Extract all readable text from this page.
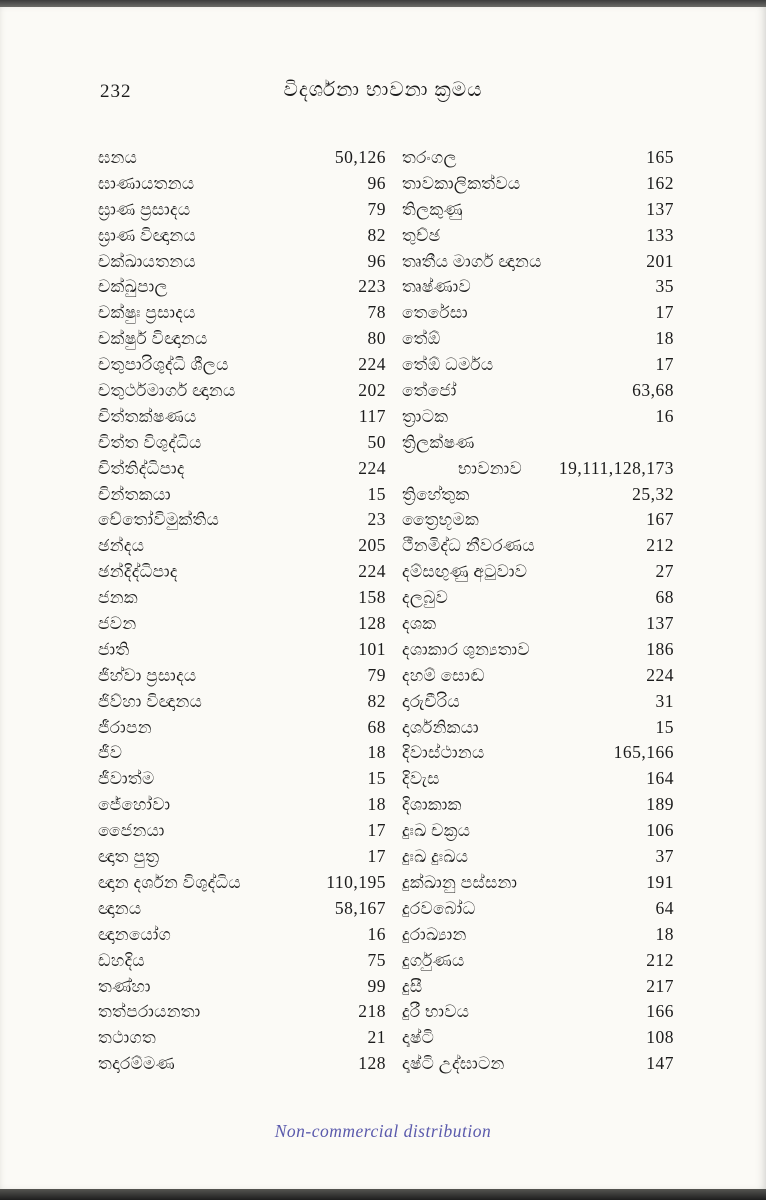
232	විදර්ශනා භාවනා ක්‍රමය
ඝනය	50,126
ඝාණායතනය	96
ඝ්‍රාණ ප්‍රසාදය	79
ඝ්‍රාණ විඥානය	82
චක්ඛායතනය	96
චක්ඛුපාල	223
චක්ෂුඃ ප්‍රසාදය	78
චක්ෂුර් විඥානය	80
චතුපාරිශුද්ධි ශීලය	224
චතුර්ථමාර්ග ඥානය	202
චිත්තක්ෂණය	117
චිත්ත විශුද්ධිය	50
චිත්තිද්ධිපාද	224
චින්තකයා	15
චේතෝවිමුක්තිය	23
ඡන්දය	205
ඡන්දිද්ධිපාද	224
ජනක	158
ජවන	128
ජාති	101
ජිහ්වා ප්‍රසාදය	79
ජිව්හා විඥානය	82
ජීරාපන	68
ජීව	18
ජීවාත්ම	15
ජේහෝවා	18
ජෛනයා	17
ඥාත පුත්‍ර	17
ඥාන දර්ශන විශුද්ධිය	110,195
ඥානය	58,167
ඥානයෝග	16
ඩහදිය	75
තණ්හා	99
තත්පරායනතා	218
තථාගත	21
තදාරම්මණ	128
තරංගල	165
තාවකාලිකත්වය	162
තිලකුණු	137
තුච්ඡ	133
තෘතීය මාර්ග ඥානය	201
තෘෂ්ණාව	35
තෙරේසා	17
තේඕ	18
තේඕ ධර්මය	17
තේජෝ	63,68
ත්‍රාටක	16
ත්‍රිලක්ෂණ
භාවනාව 19,111,128,173
ත්‍රිහේතුක	25,32
ත්‍රෛභූමක	167
ථීනමිද්ධ නීවරණය	212
දම්සඟුණු අටුවාව	27
දලබුව	68
දශක	137
දශාකාර ශුන්‍යතාව	186
දහම් සොඬ	224
දාරුචීරිය	31
දාර්ශනිකයා	15
දිවාස්ථානය	165,166
දිවැස	164
දිශාකාක	189
දුඃඛ චක්‍රය	106
දුඃඛ දුඃඛය	37
දුක්ඛානු පස්සනා	191
දුරවබෝධ	64
දුරාඛ්‍යාන	18
දුර්ගුණය	212
දුසී	217
දුරී භාවය	166
දෘෂ්ටි	108
දෘෂ්ටි උද්ඝාටන	147
Non-commercial distribution
